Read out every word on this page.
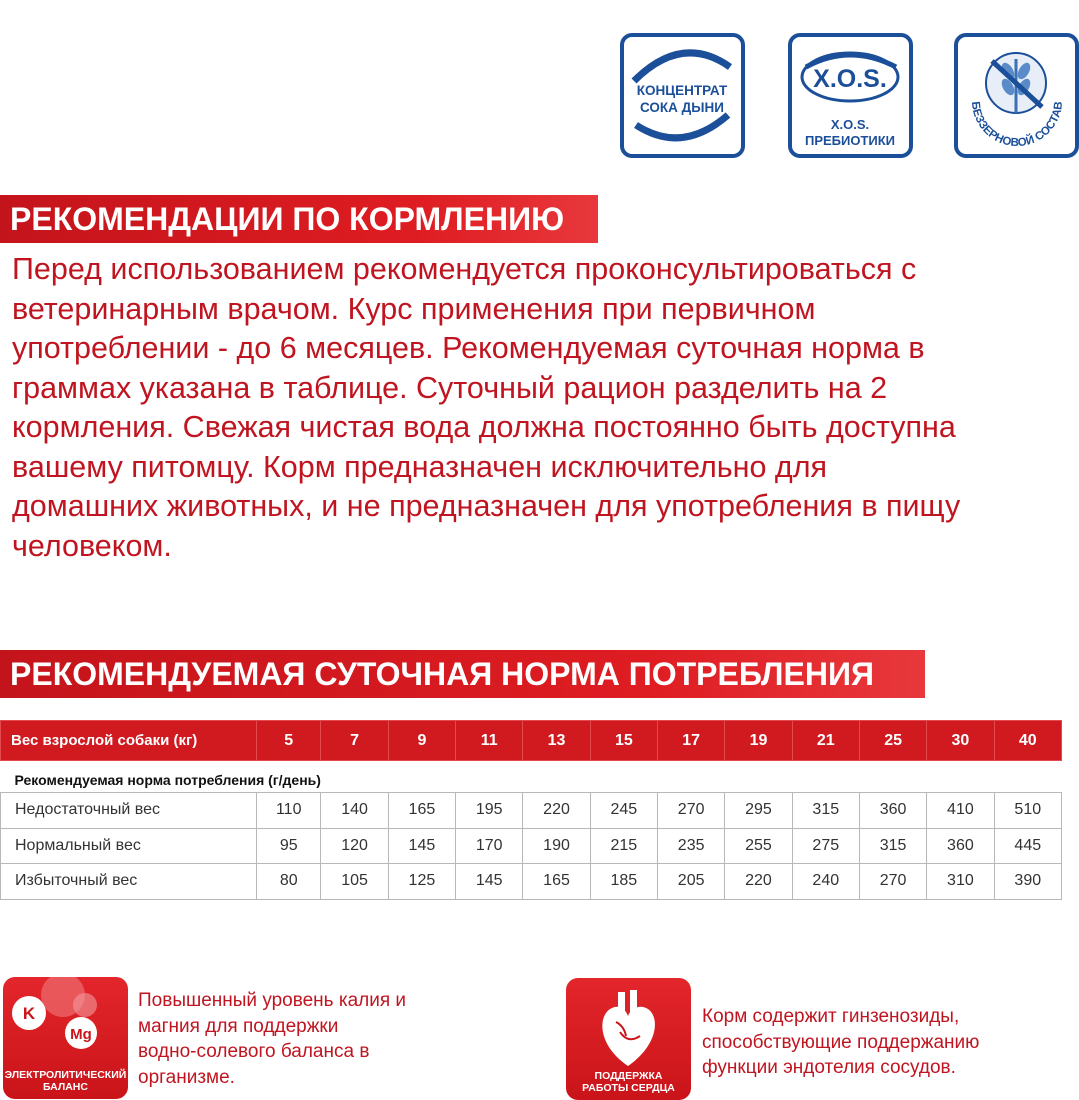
КОНЦЕНТРАТ
СОКА ДЫНИ
X.O.S.
X.O.S.
ПРЕБИОТИКИ
БЕЗЗЕРНОВОЙ СОСТАВ
РЕКОМЕНДАЦИИ ПО КОРМЛЕНИЮ
Перед использованием рекомендуется проконсультироваться с
ветеринарным врачом. Курс применения при первичном
употреблении - до 6 месяцев. Рекомендуемая суточная норма в
граммах указана в таблице. Суточный рацион разделить на 2
кормления. Свежая чистая вода должна постоянно быть доступна
вашему питомцу. Корм предназначен исключительно для
домашних животных, и не предназначен для употребления в пищу
человеком.
РЕКОМЕНДУЕМАЯ СУТОЧНАЯ НОРМА ПОТРЕБЛЕНИЯ
Вес взрослой собаки (кг)	5	7	9	11	13	15	17	19	21	25	30	40
Рекомендуемая норма потребления (г/день)												
Недостаточный вес	110	140	165	195	220	245	270	295	315	360	410	510
Нормальный вес	95	120	145	170	190	215	235	255	275	315	360	445
Избыточный вес	80	105	125	145	165	185	205	220	240	270	310	390
K
Mg
ЭЛЕКТРОЛИТИЧЕСКИЙ
БАЛАНС
Повышенный уровень калия и
магния для поддержки
водно-солевого баланса в
организме.	ПОДДЕРЖКА
РАБОТЫ СЕРДЦА
Корм содержит гинзенозиды,
способствующие поддержанию
функции эндотелия сосудов.
